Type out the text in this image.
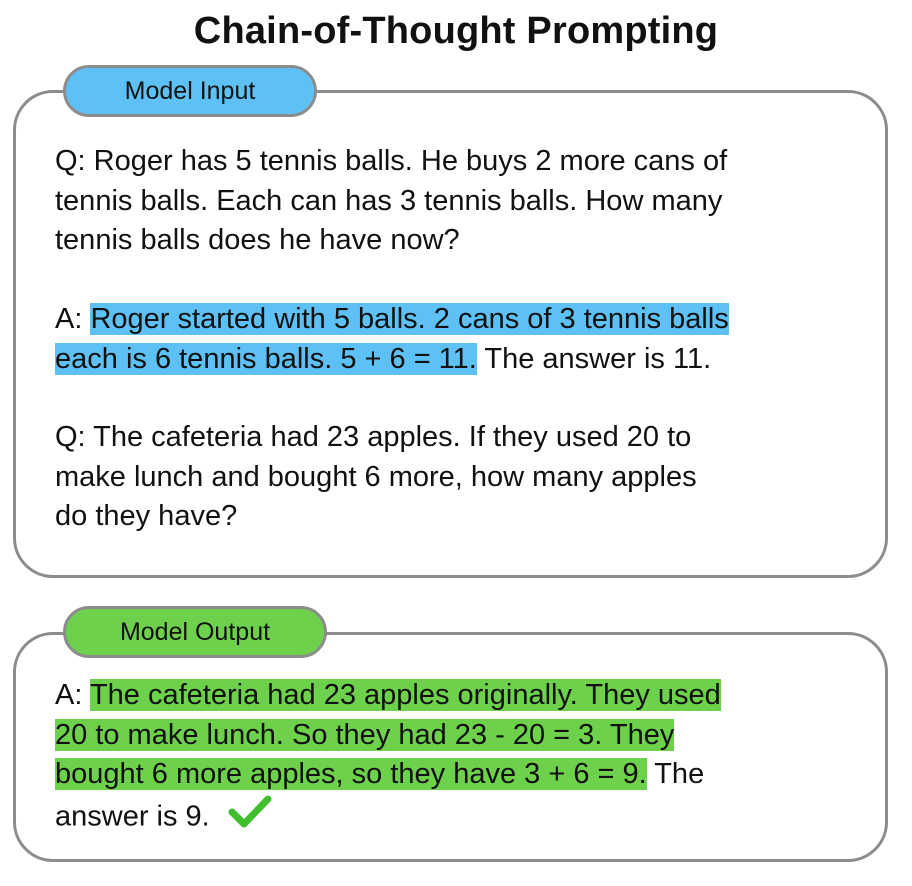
Chain-of-Thought Prompting
Model Input
Q: Roger has 5 tennis balls. He buys 2 more cans of
tennis balls. Each can has 3 tennis balls. How many
tennis balls does he have now?
A: Roger started with 5 balls. 2 cans of 3 tennis balls
each is 6 tennis balls. 5 + 6 = 11. The answer is 11.
Q: The cafeteria had 23 apples. If they used 20 to
make lunch and bought 6 more, how many apples
do they have?
Model Output
A: The cafeteria had 23 apples originally. They used
20 to make lunch. So they had 23 - 20 = 3. They
bought 6 more apples, so they have 3 + 6 = 9. The
answer is 9.
